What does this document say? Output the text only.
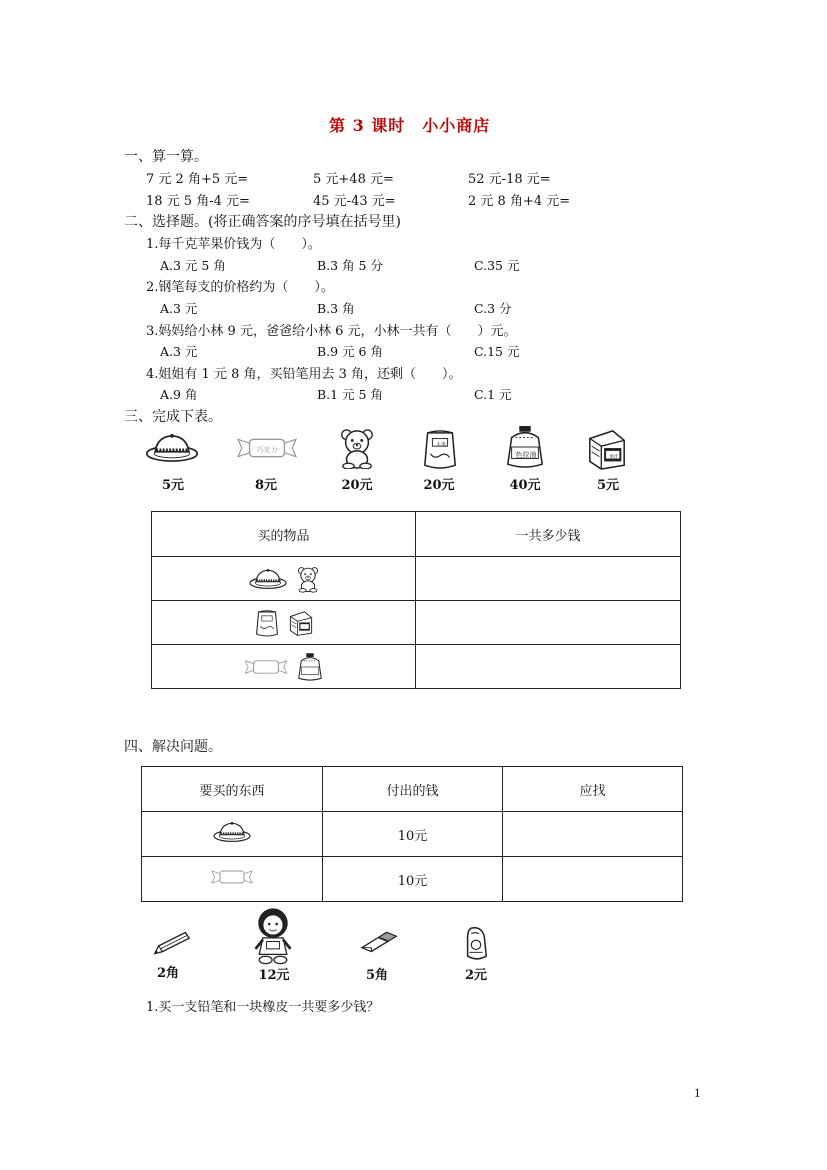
第 3 课时　小小商店
一、算一算。
7 元 2 角+5 元=	5 元+48 元=	52 元-18 元=
18 元 5 角-4 元=	45 元-43 元=	2 元 8 角+4 元=
二、选择题。(将正确答案的序号填在括号里)
1.每千克苹果价钱为（　　）。
A.3 元 5 角	B.3 角 5 分	C.35 元
2.钢笔每支的价格约为（　　）。
A.3 元	B.3 角	C.3 分
3.妈妈给小林 9 元，爸爸给小林 6 元，小林一共有（　　）元。
A.3 元	B.9 元 6 角	C.15 元
4.姐姐有 1 元 8 角，买铅笔用去 3 角，还剩（　　）。
A.9 角	B.1 元 5 角	C.1 元
三、完成下表。
巧克力
大米
色拉油	果汁
5元	8元	20元	20元	40元	5元
买的物品	一共多少钱

四、解决问题。
要买的东西	付出的钱	应找
	10元	
	10元	
2角	12元	5角	2元
1.买一支铅笔和一块橡皮一共要多少钱？
1
